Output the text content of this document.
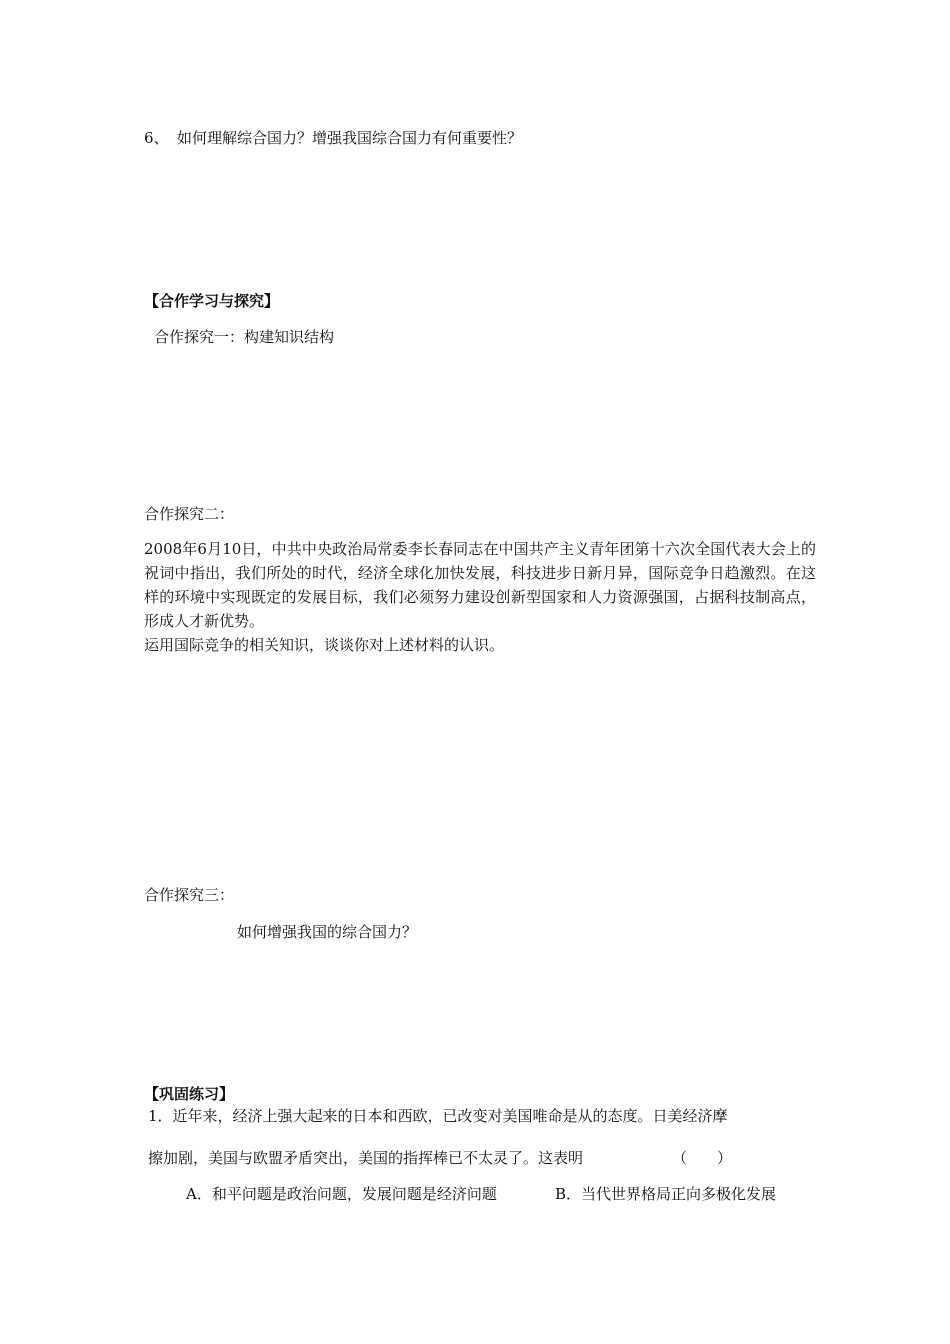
6、 如何理解综合国力？增强我国综合国力有何重要性？
【合作学习与探究】
合作探究一：构建知识结构
合作探究二：
2008年6月10日，中共中央政治局常委李长春同志在中国共产主义青年团第十六次全国代表大会上的祝词中指出，我们所处的时代，经济全球化加快发展，科技进步日新月异，国际竞争日趋激烈。在这样的环境中实现既定的发展目标，我们必须努力建设创新型国家和人力资源强国，占据科技制高点，形成人才新优势。
运用国际竞争的相关知识，谈谈你对上述材料的认识。
合作探究三：
如何增强我国的综合国力？
【巩固练习】
1．近年来，经济上强大起来的日本和西欧，已改变对美国唯命是从的态度。日美经济摩
擦加剧，美国与欧盟矛盾突出，美国的指挥棒已不太灵了。这表明	（　　）
A．和平问题是政治问题，发展问题是经济问题	B．当代世界格局正向多极化发展
